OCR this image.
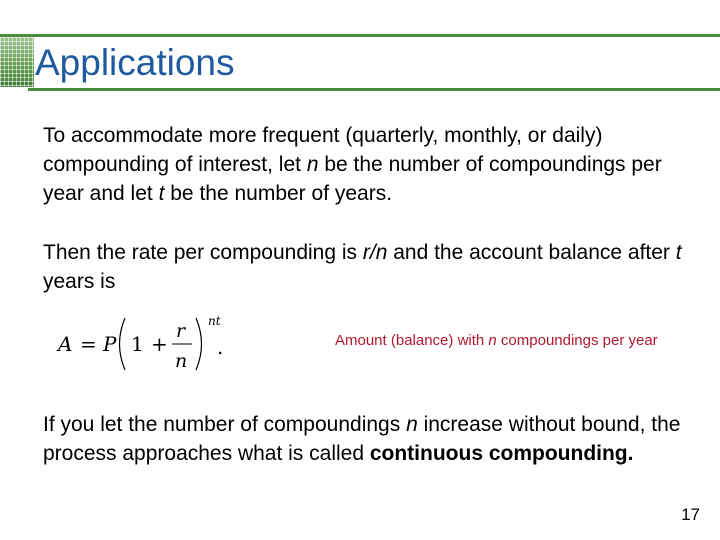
Applications

To accommodate more frequent (quarterly, monthly, or daily) compounding of interest, let n be the number of compoundings per year and let t be the number of years.

Then the rate per compounding is r/n and the account balance after t years is

A = P 1 +
r
n
nt
.	Amount (balance) with n compoundings per year

If you let the number of compoundings n increase without bound, the process approaches what is called continuous compounding.

17
